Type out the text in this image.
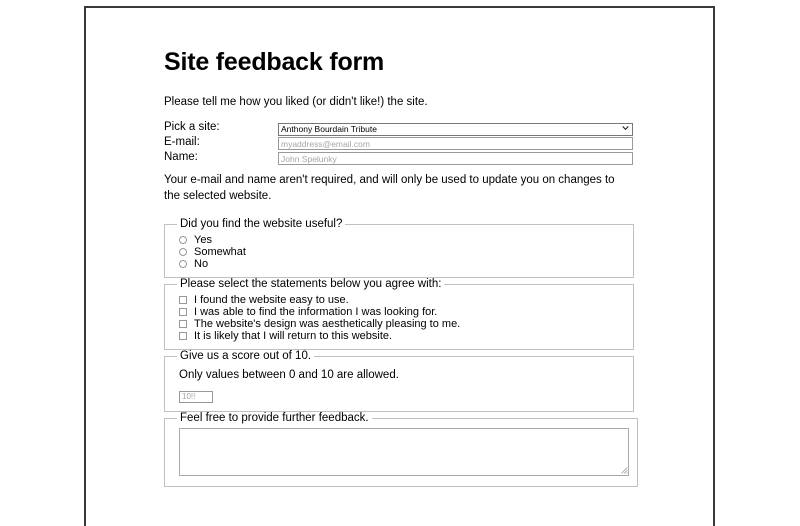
Site feedback form

Please tell me how you liked (or didn't like!) the site.

Pick a site:
Anthony Bourdain Tribute
E-mail:
myaddress@email.com
Name:
John Spelunky

Your e-mail and name aren't required, and will only be used to update you on changes to the selected website.

Did you find the website useful?
Yes
Somewhat
No
Please select the statements below you agree with:
I found the website easy to use.
I was able to find the information I was looking for.
The website's design was aesthetically pleasing to me.
It is likely that I will return to this website.
Give us a score out of 10.
Only values between 0 and 10 are allowed.
10!!
Feel free to provide further feedback.
